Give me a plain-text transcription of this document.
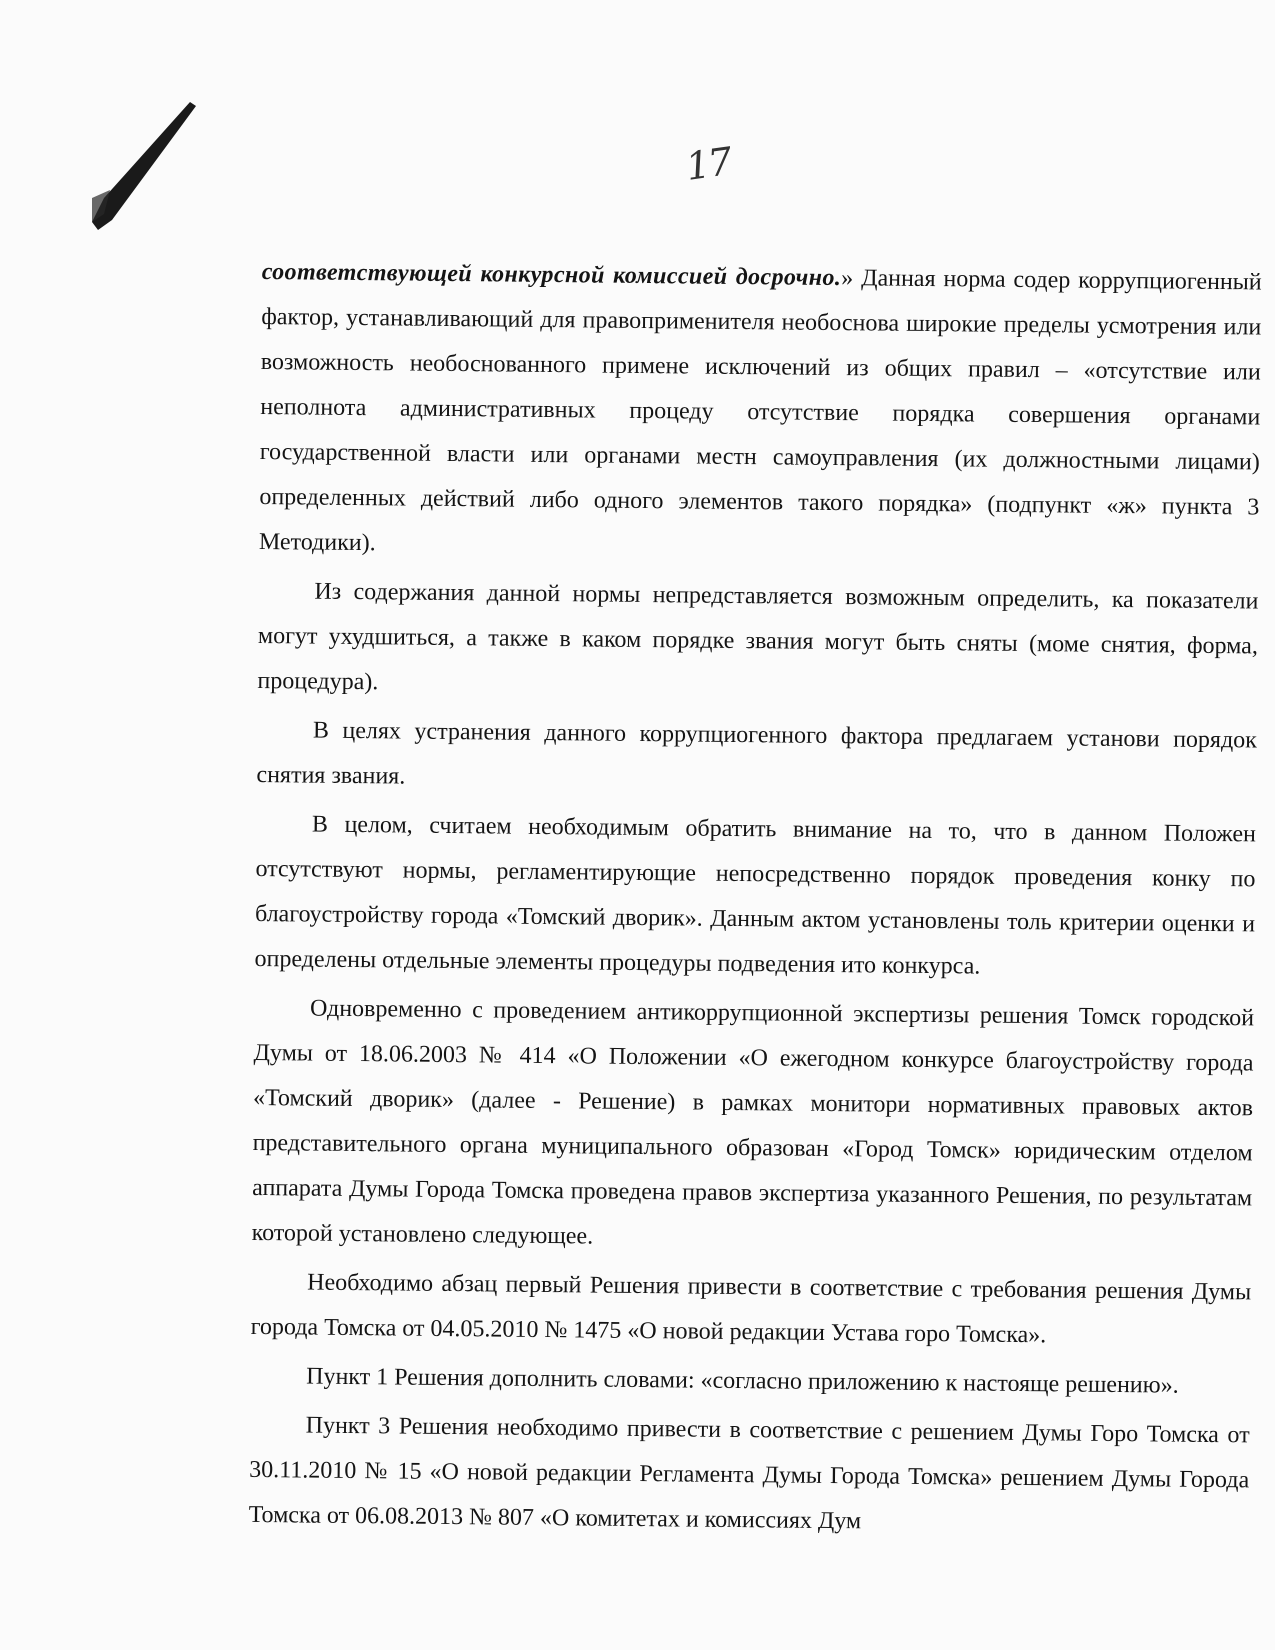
17

соответствующей конкурсной комиссией досрочно.» Данная норма содер коррупциогенный фактор, устанавливающий для правоприменителя необоснова широкие пределы усмотрения или возможность необоснованного примене исключений из общих правил – «отсутствие или неполнота административных процеду отсутствие порядка совершения органами государственной власти или органами местн самоуправления (их должностными лицами) определенных действий либо одного элементов такого порядка» (подпункт «ж» пункта 3 Методики).

Из содержания данной нормы непредставляется возможным определить, ка показатели могут ухудшиться, а также в каком порядке звания могут быть сняты (моме снятия, форма, процедура).

В целях устранения данного коррупциогенного фактора предлагаем установи порядок снятия звания.

В целом, считаем необходимым обратить внимание на то, что в данном Положен отсутствуют нормы, регламентирующие непосредственно порядок проведения конку по благоустройству города «Томский дворик». Данным актом установлены толь критерии оценки и определены отдельные элементы процедуры подведения ито конкурса.

Одновременно с проведением антикоррупционной экспертизы решения Томск городской Думы от 18.06.2003 № 414 «О Положении «О ежегодном конкурсе благоустройству города «Томский дворик» (далее - Решение) в рамках монитори нормативных правовых актов представительного органа муниципального образован «Город Томск» юридическим отделом аппарата Думы Города Томска проведена правов экспертиза указанного Решения, по результатам которой установлено следующее.

Необходимо абзац первый Решения привести в соответствие с требования решения Думы города Томска от 04.05.2010 № 1475 «О новой редакции Устава горо Томска».

Пункт 1 Решения дополнить словами: «согласно приложению к настояще решению».

Пункт 3 Решения необходимо привести в соответствие с решением Думы Горо Томска от 30.11.2010 № 15 «О новой редакции Регламента Думы Города Томска» решением Думы Города Томска от 06.08.2013 № 807 «О комитетах и комиссиях Дум
